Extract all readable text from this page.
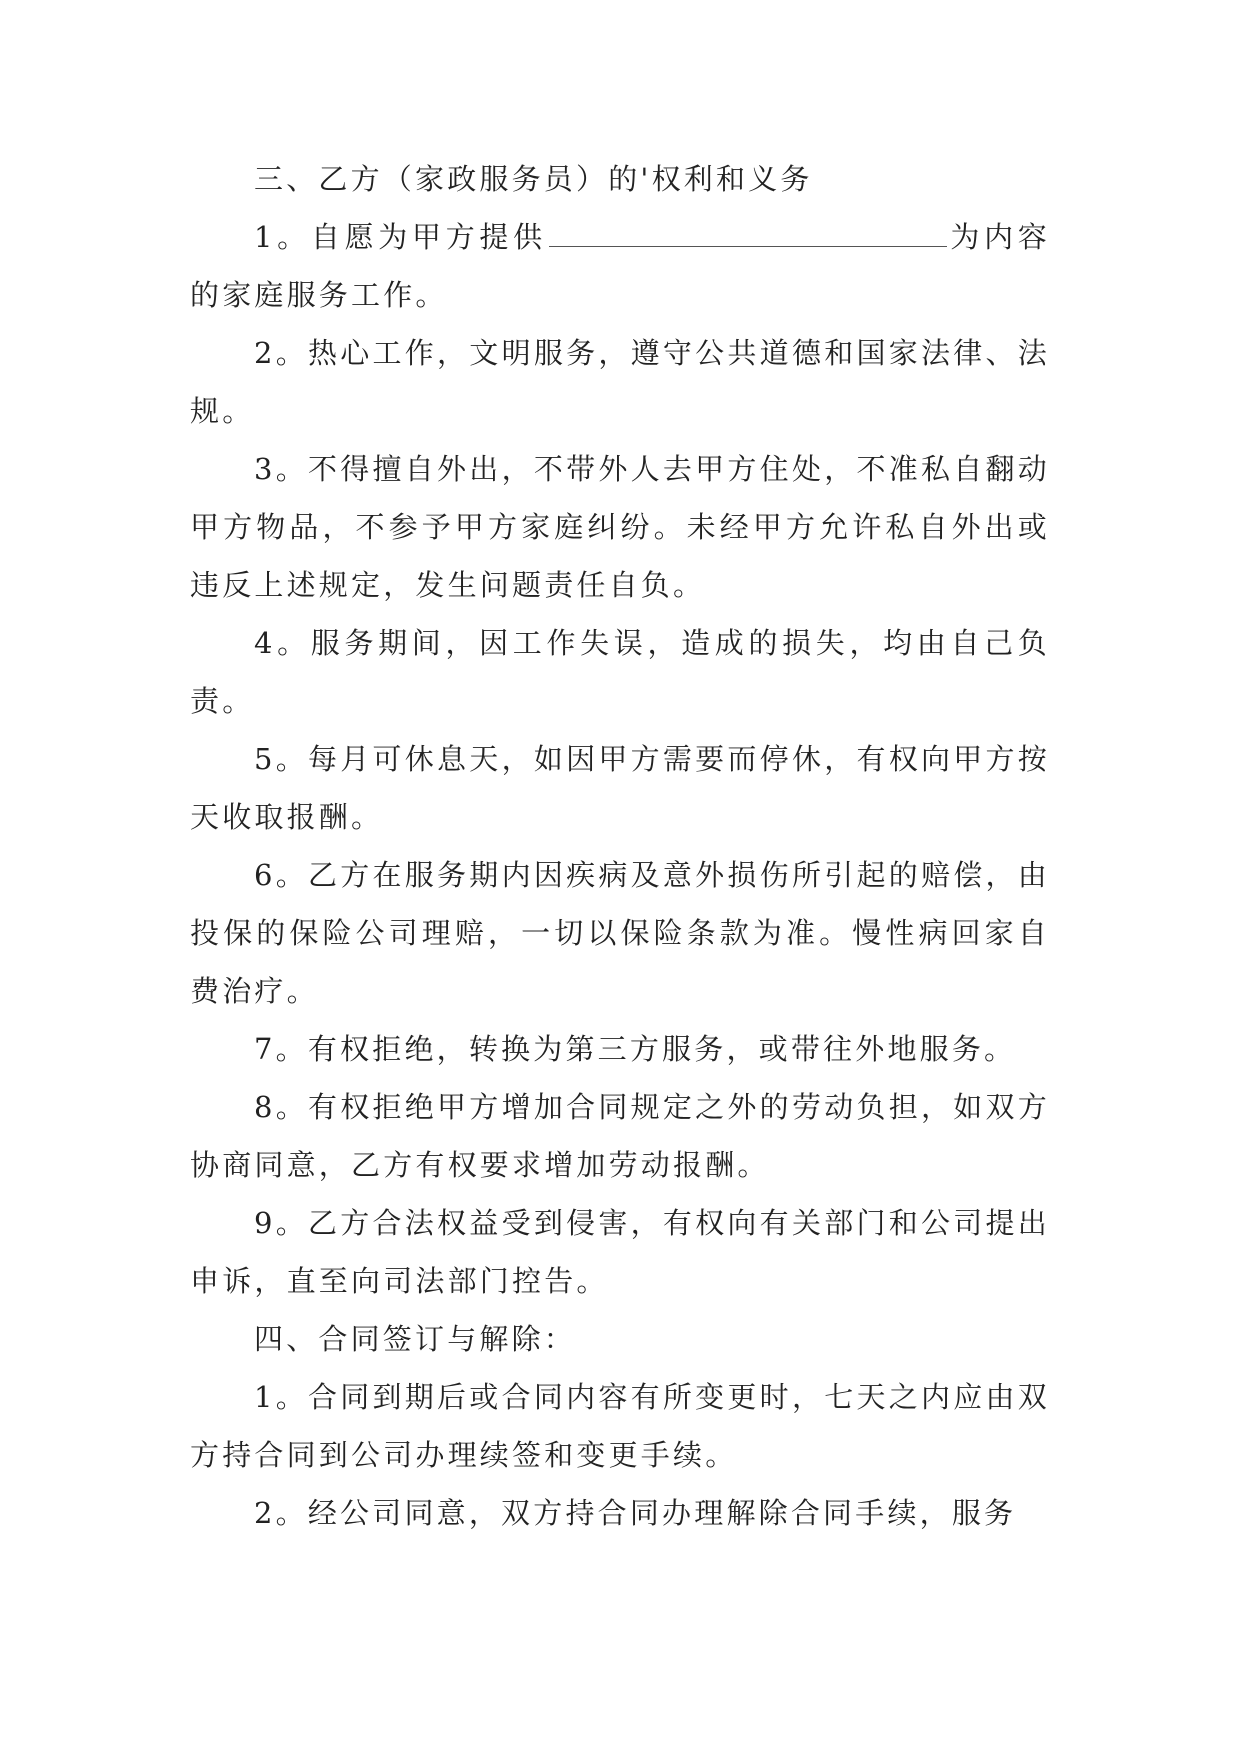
三、乙方（家政服务员）的'权利和义务

1。自愿为甲方提供	为内容的家庭服务工作。

2。热心工作，文明服务，遵守公共道德和国家法律、法规。

3。不得擅自外出，不带外人去甲方住处，不准私自翻动甲方物品，不参予甲方家庭纠纷。未经甲方允许私自外出或违反上述规定，发生问题责任自负。

4。服务期间，因工作失误，造成的损失，均由自己负责。

5。每月可休息天，如因甲方需要而停休，有权向甲方按天收取报酬。

6。乙方在服务期内因疾病及意外损伤所引起的赔偿，由投保的保险公司理赔，一切以保险条款为准。慢性病回家自费治疗。

7。有权拒绝，转换为第三方服务，或带往外地服务。

8。有权拒绝甲方增加合同规定之外的劳动负担，如双方协商同意，乙方有权要求增加劳动报酬。

9。乙方合法权益受到侵害，有权向有关部门和公司提出申诉，直至向司法部门控告。

四、合同签订与解除：

1。合同到期后或合同内容有所变更时，七天之内应由双方持合同到公司办理续签和变更手续。

2。经公司同意，双方持合同办理解除合同手续，服务
